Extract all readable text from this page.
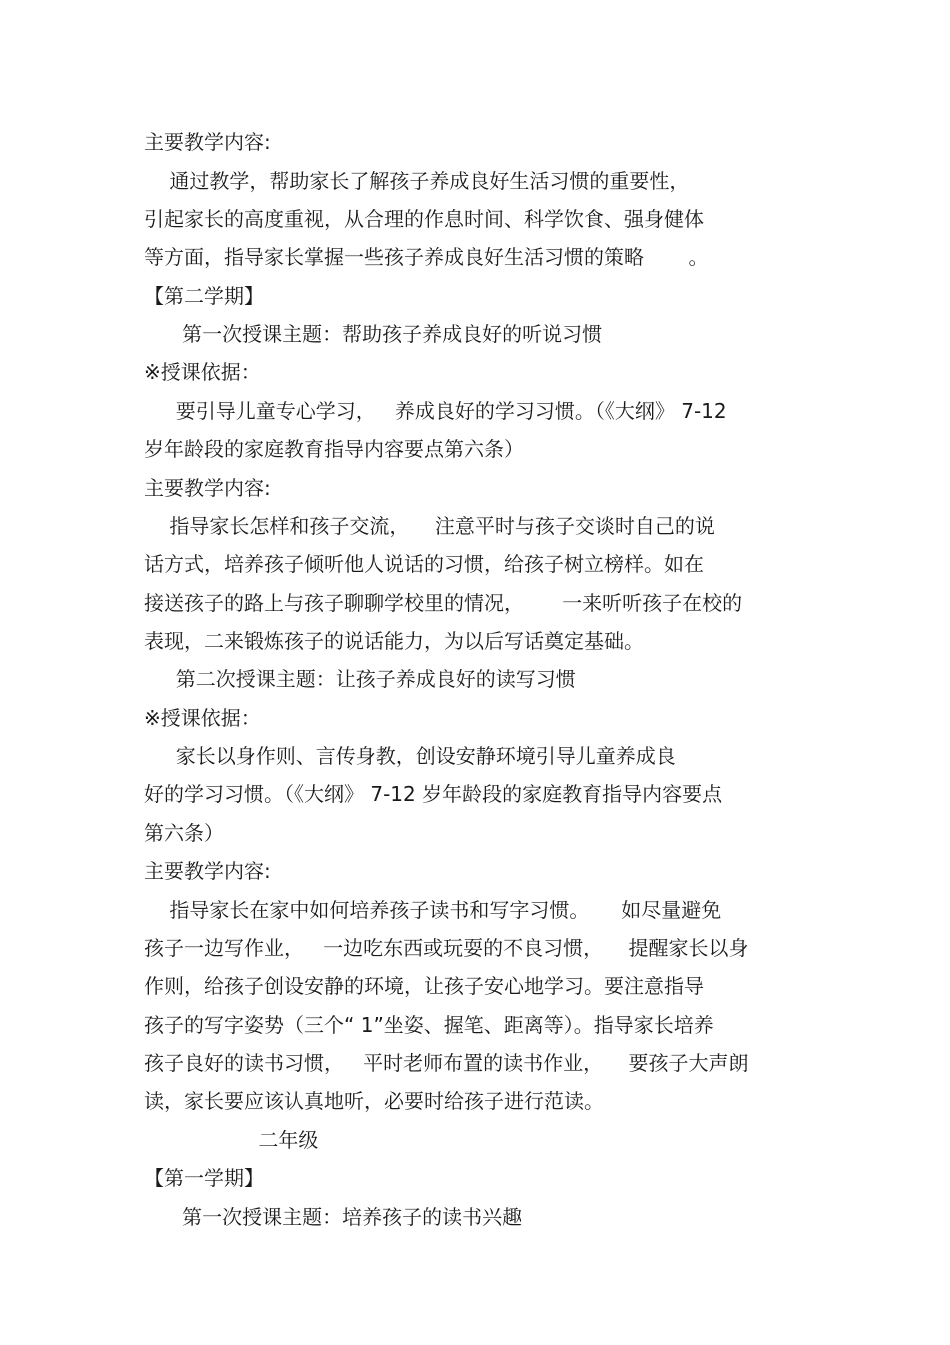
主要教学内容:
通过教学，帮助家长了解孩子养成良好生活习惯的重要性，
引起家长的高度重视，从合理的作息时间、科学饮食、强身健体
等方面，指导家长掌握一些孩子养成良好生活习惯的策略       。
【第二学期】
第一次授课主题：帮助孩子养成良好的听说习惯
※授课依据：
要引导儿童专心学习，   养成良好的学习习惯。（《大纲》 7-12
岁年龄段的家庭教育指导内容要点第六条）
主要教学内容:
指导家长怎样和孩子交流，    注意平时与孩子交谈时自己的说
话方式，培养孩子倾听他人说话的习惯，给孩子树立榜样。如在
接送孩子的路上与孩子聊聊学校里的情况，      一来听听孩子在校的
表现，二来锻炼孩子的说话能力，为以后写话奠定基础。
第二次授课主题：让孩子养成良好的读写习惯
※授课依据：
家长以身作则、言传身教，创设安静环境引导儿童养成良
好的学习习惯。（《大纲》 7-12 岁年龄段的家庭教育指导内容要点
第六条）
主要教学内容:
指导家长在家中如何培养孩子读书和写字习惯。     如尽量避免
孩子一边写作业，   一边吃东西或玩耍的不良习惯，    提醒家长以身
作则，给孩子创设安静的环境，让孩子安心地学习。要注意指导
孩子的写字姿势（三个“ 1”坐姿、握笔、距离等）。指导家长培养
孩子良好的读书习惯，   平时老师布置的读书作业，    要孩子大声朗
读，家长要应该认真地听，必要时给孩子进行范读。
二年级
【第一学期】
第一次授课主题：培养孩子的读书兴趣
